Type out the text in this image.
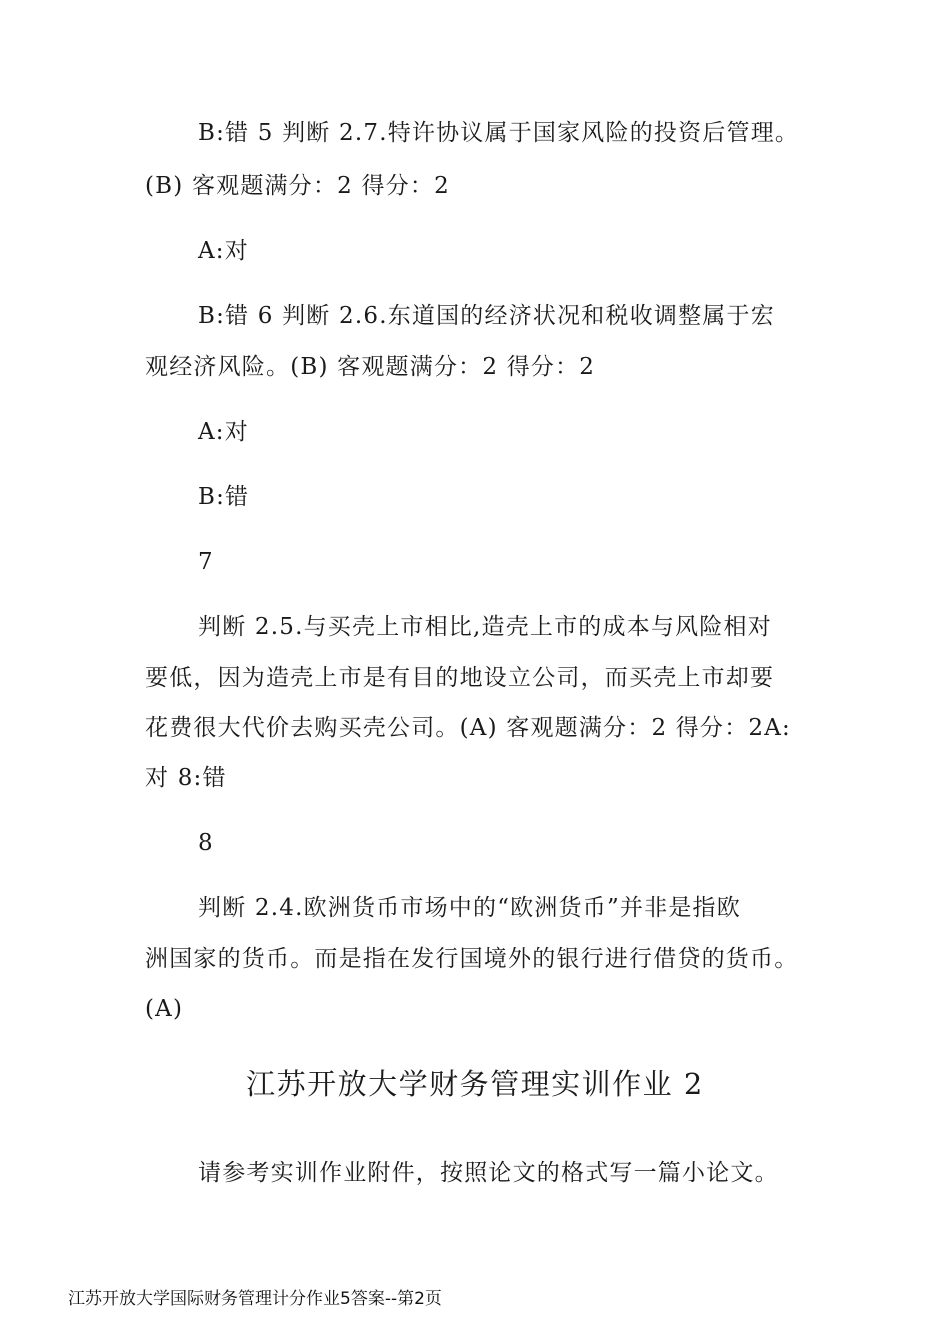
B:错 5 判断 2.7.特许协议属于国家风险的投资后管理。
(B) 客观题满分：2 得分：2
A:对
B:错 6 判断 2.6.东道国的经济状况和税收调整属于宏
观经济风险。(B) 客观题满分：2 得分：2
A:对
B:错
7
判断 2.5.与买壳上市相比,造壳上市的成本与风险相对
要低，因为造壳上市是有目的地设立公司，而买壳上市却要
花费很大代价去购买壳公司。(A) 客观题满分：2 得分：2A:
对 8:错
8
判断 2.4.欧洲货币市场中的“欧洲货币”并非是指欧
洲国家的货币。而是指在发行国境外的银行进行借贷的货币。
(A)
江苏开放大学财务管理实训作业 2
请参考实训作业附件，按照论文的格式写一篇小论文。
江苏开放大学国际财务管理计分作业5答案--第2页
